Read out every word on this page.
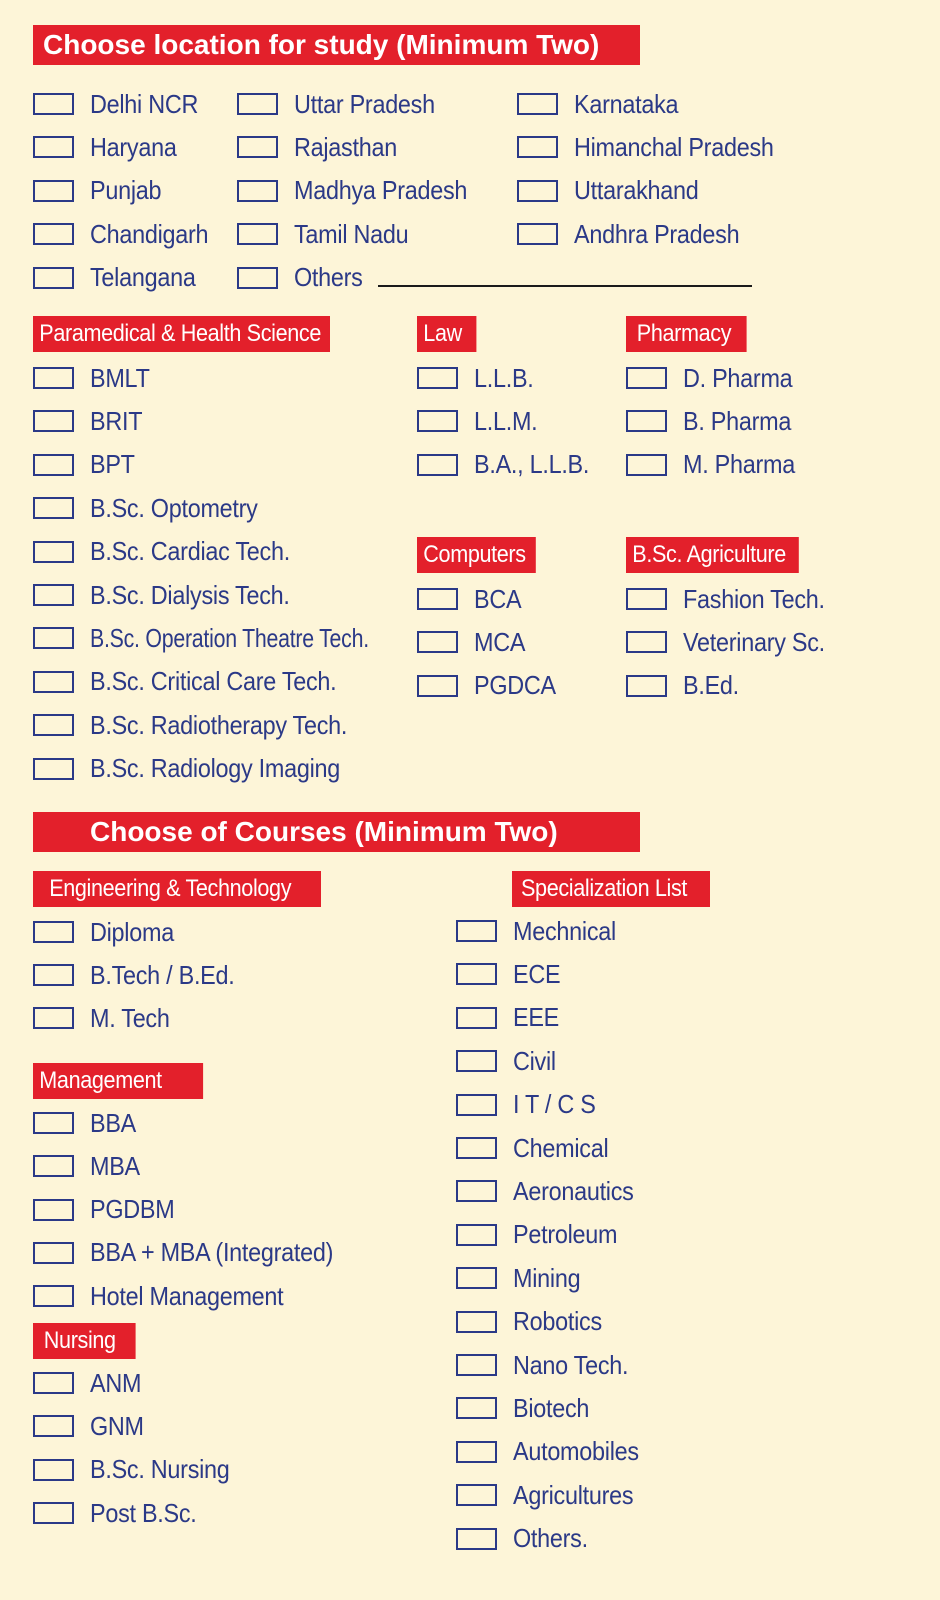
Choose location for study (Minimum Two)
Delhi NCR
Haryana
Punjab
Chandigarh
Telangana
Uttar Pradesh
Rajasthan
Madhya Pradesh
Tamil Nadu
Others
Karnataka
Himanchal Pradesh
Uttarakhand
Andhra Pradesh
Paramedical & Health Science
BMLT
BRIT
BPT
B.Sc. Optometry
B.Sc. Cardiac Tech.
B.Sc. Dialysis Tech.
B.Sc. Operation Theatre Tech.
B.Sc. Critical Care Tech.
B.Sc. Radiotherapy Tech.
B.Sc. Radiology Imaging
Law
L.L.B.
L.L.M.
B.A., L.L.B.
Pharmacy
D. Pharma
B. Pharma
M. Pharma
Computers
BCA
MCA
PGDCA
B.Sc. Agriculture
Fashion Tech.
Veterinary Sc.
B.Ed.
Choose of Courses (Minimum Two)
Engineering & Technology
Diploma
B.Tech / B.Ed.
M. Tech
Management
BBA
MBA
PGDBM
BBA + MBA (Integrated)
Hotel Management
Nursing
ANM
GNM
B.Sc. Nursing
Post B.Sc.
Specialization List
Mechnical
ECE
EEE
Civil
I T / C S
Chemical
Aeronautics
Petroleum
Mining
Robotics
Nano Tech.
Biotech
Automobiles
Agricultures
Others.
